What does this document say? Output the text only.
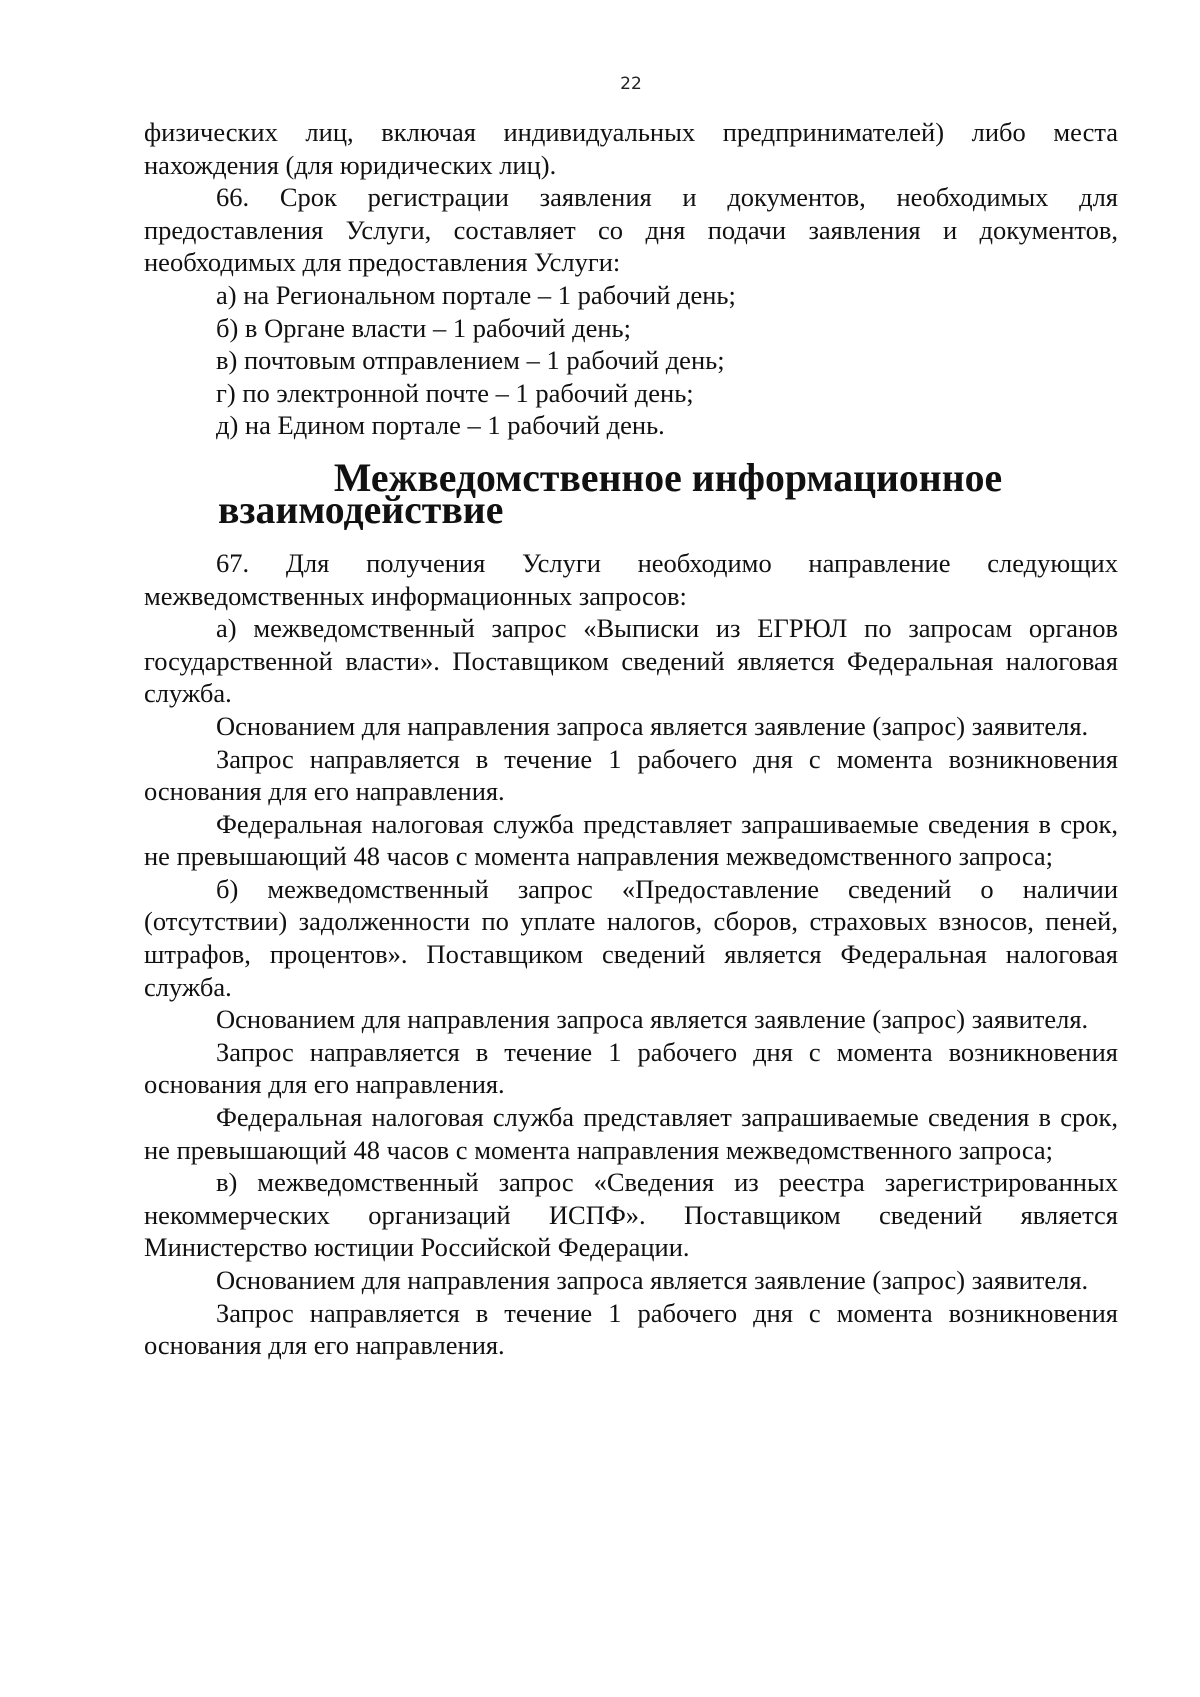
22

физических лиц, включая индивидуальных предпринимателей) либо места нахождения (для юридических лиц).

66. Срок регистрации заявления и документов, необходимых для предоставления Услуги, составляет со дня подачи заявления и документов, необходимых для предоставления Услуги:

а) на Региональном портале – 1 рабочий день;

б) в Органе власти – 1 рабочий день;

в) почтовым отправлением – 1 рабочий день;

г) по электронной почте – 1 рабочий день;

д) на Едином портале – 1 рабочий день.

Межведомственное информационное взаимодействие

67. Для получения Услуги необходимо направление следующих межведомственных информационных запросов:

а) межведомственный запрос «Выписки из ЕГРЮЛ по запросам органов государственной власти». Поставщиком сведений является Федеральная налоговая служба.

Основанием для направления запроса является заявление (запрос) заявителя.

Запрос направляется в течение 1 рабочего дня с момента возникновения основания для его направления.

Федеральная налоговая служба представляет запрашиваемые сведения в срок, не превышающий 48 часов с момента направления межведомственного запроса;

б) межведомственный запрос «Предоставление сведений о наличии (отсутствии) задолженности по уплате налогов, сборов, страховых взносов, пеней, штрафов, процентов». Поставщиком сведений является Федеральная налоговая служба.

Основанием для направления запроса является заявление (запрос) заявителя.

Запрос направляется в течение 1 рабочего дня с момента возникновения основания для его направления.

Федеральная налоговая служба представляет запрашиваемые сведения в срок, не превышающий 48 часов с момента направления межведомственного запроса;

в) межведомственный запрос «Сведения из реестра зарегистрированных некоммерческих организаций ИСПФ». Поставщиком сведений является Министерство юстиции Российской Федерации.

Основанием для направления запроса является заявление (запрос) заявителя.

Запрос направляется в течение 1 рабочего дня с момента возникновения основания для его направления.
